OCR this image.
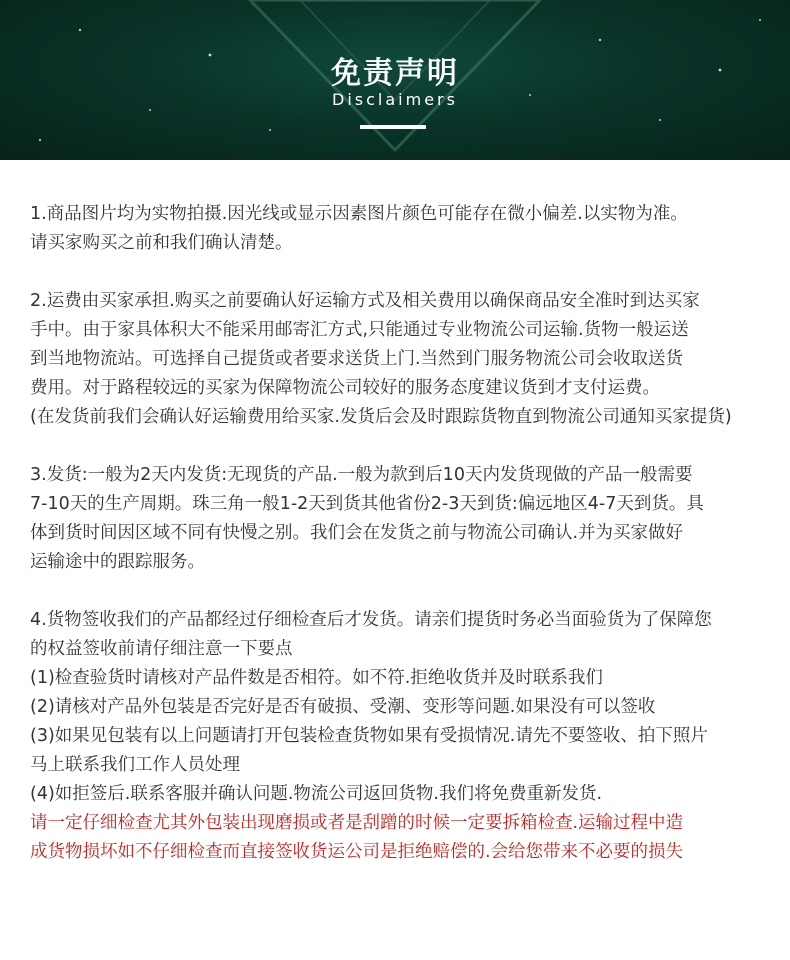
免责声明
Disclaimers

1.商品图片均为实物拍摄.因光线或显示因素图片颜色可能存在微小偏差.以实物为准。

请买家购买之前和我们确认清楚。

2.运费由买家承担.购买之前要确认好运输方式及相关费用以确保商品安全准时到达买家

手中。由于家具体积大不能采用邮寄汇方式,只能通过专业物流公司运输.货物一般运送

到当地物流站。可选择自己提货或者要求送货上门.当然到门服务物流公司会收取送货

费用。对于路程较远的买家为保障物流公司较好的服务态度建议货到才支付运费。

(在发货前我们会确认好运输费用给买家.发货后会及时跟踪货物直到物流公司通知买家提货)

3.发货:一般为2天内发货:无现货的产品.一般为款到后10天内发货现做的产品一般需要

7-10天的生产周期。珠三角一般1-2天到货其他省份2-3天到货:偏远地区4-7天到货。具

体到货时间因区域不同有快慢之别。我们会在发货之前与物流公司确认.并为买家做好

运输途中的跟踪服务。

4.货物签收我们的产品都经过仔细检查后才发货。请亲们提货时务必当面验货为了保障您

的权益签收前请仔细注意一下要点

(1)检查验货时请核对产品件数是否相符。如不符.拒绝收货并及时联系我们

(2)请核对产品外包装是否完好是否有破损、受潮、变形等问题.如果没有可以签收

(3)如果见包装有以上问题请打开包装检查货物如果有受损情况.请先不要签收、拍下照片

马上联系我们工作人员处理

(4)如拒签后.联系客服并确认问题.物流公司返回货物.我们将免费重新发货.

请一定仔细检查尤其外包装出现磨损或者是刮蹭的时候一定要拆箱检查.运输过程中造

成货物损坏如不仔细检查而直接签收货运公司是拒绝赔偿的.会给您带来不必要的损失
